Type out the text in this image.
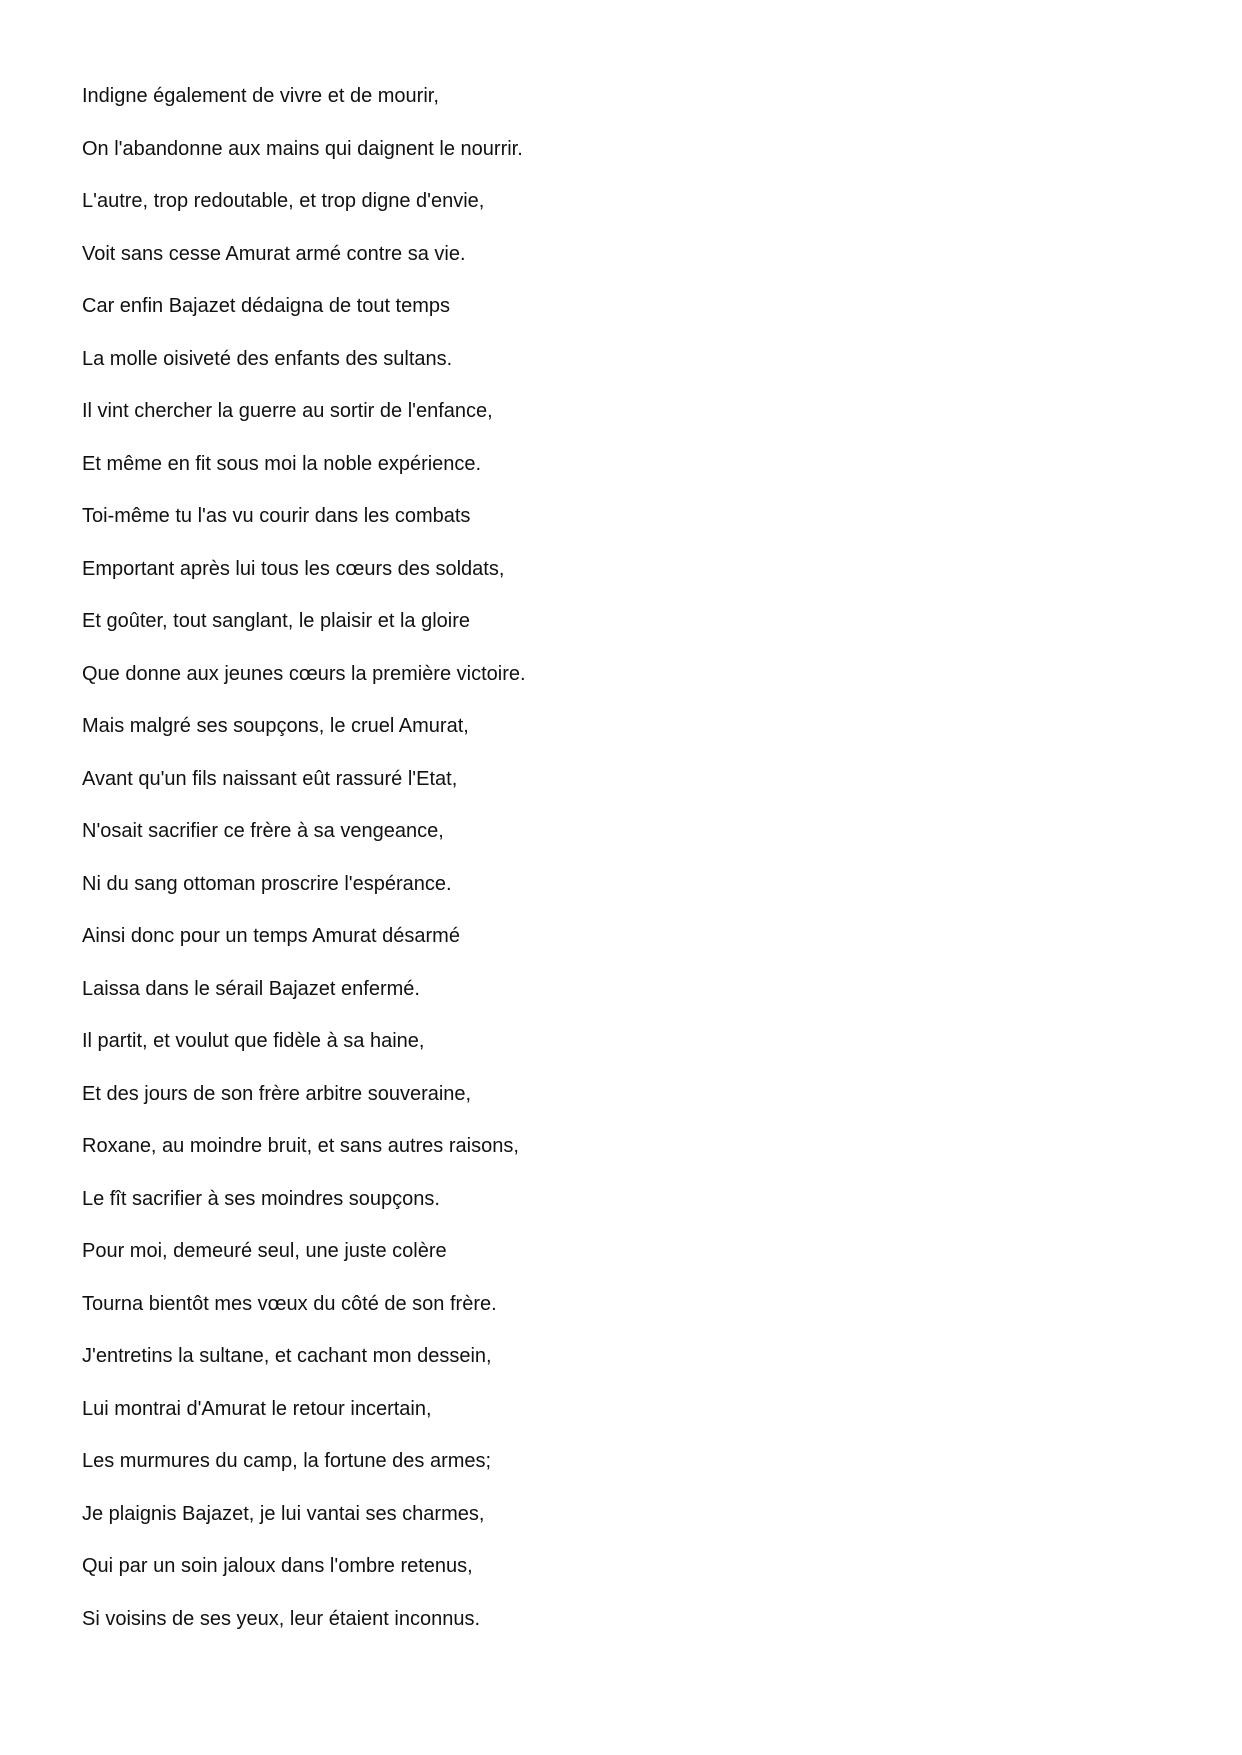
Indigne également de vivre et de mourir,
On l'abandonne aux mains qui daignent le nourrir.
L'autre, trop redoutable, et trop digne d'envie,
Voit sans cesse Amurat armé contre sa vie.
Car enfin Bajazet dédaigna de tout temps
La molle oisiveté des enfants des sultans.
Il vint chercher la guerre au sortir de l'enfance,
Et même en fit sous moi la noble expérience.
Toi-même tu l'as vu courir dans les combats
Emportant après lui tous les cœurs des soldats,
Et goûter, tout sanglant, le plaisir et la gloire
Que donne aux jeunes cœurs la première victoire.
Mais malgré ses soupçons, le cruel Amurat,
Avant qu'un fils naissant eût rassuré l'Etat,
N'osait sacrifier ce frère à sa vengeance,
Ni du sang ottoman proscrire l'espérance.
Ainsi donc pour un temps Amurat désarmé
Laissa dans le sérail Bajazet enfermé.
Il partit, et voulut que fidèle à sa haine,
Et des jours de son frère arbitre souveraine,
Roxane, au moindre bruit, et sans autres raisons,
Le fît sacrifier à ses moindres soupçons.
Pour moi, demeuré seul, une juste colère
Tourna bientôt mes vœux du côté de son frère.
J'entretins la sultane, et cachant mon dessein,
Lui montrai d'Amurat le retour incertain,
Les murmures du camp, la fortune des armes;
Je plaignis Bajazet, je lui vantai ses charmes,
Qui par un soin jaloux dans l'ombre retenus,
Si voisins de ses yeux, leur étaient inconnus.
